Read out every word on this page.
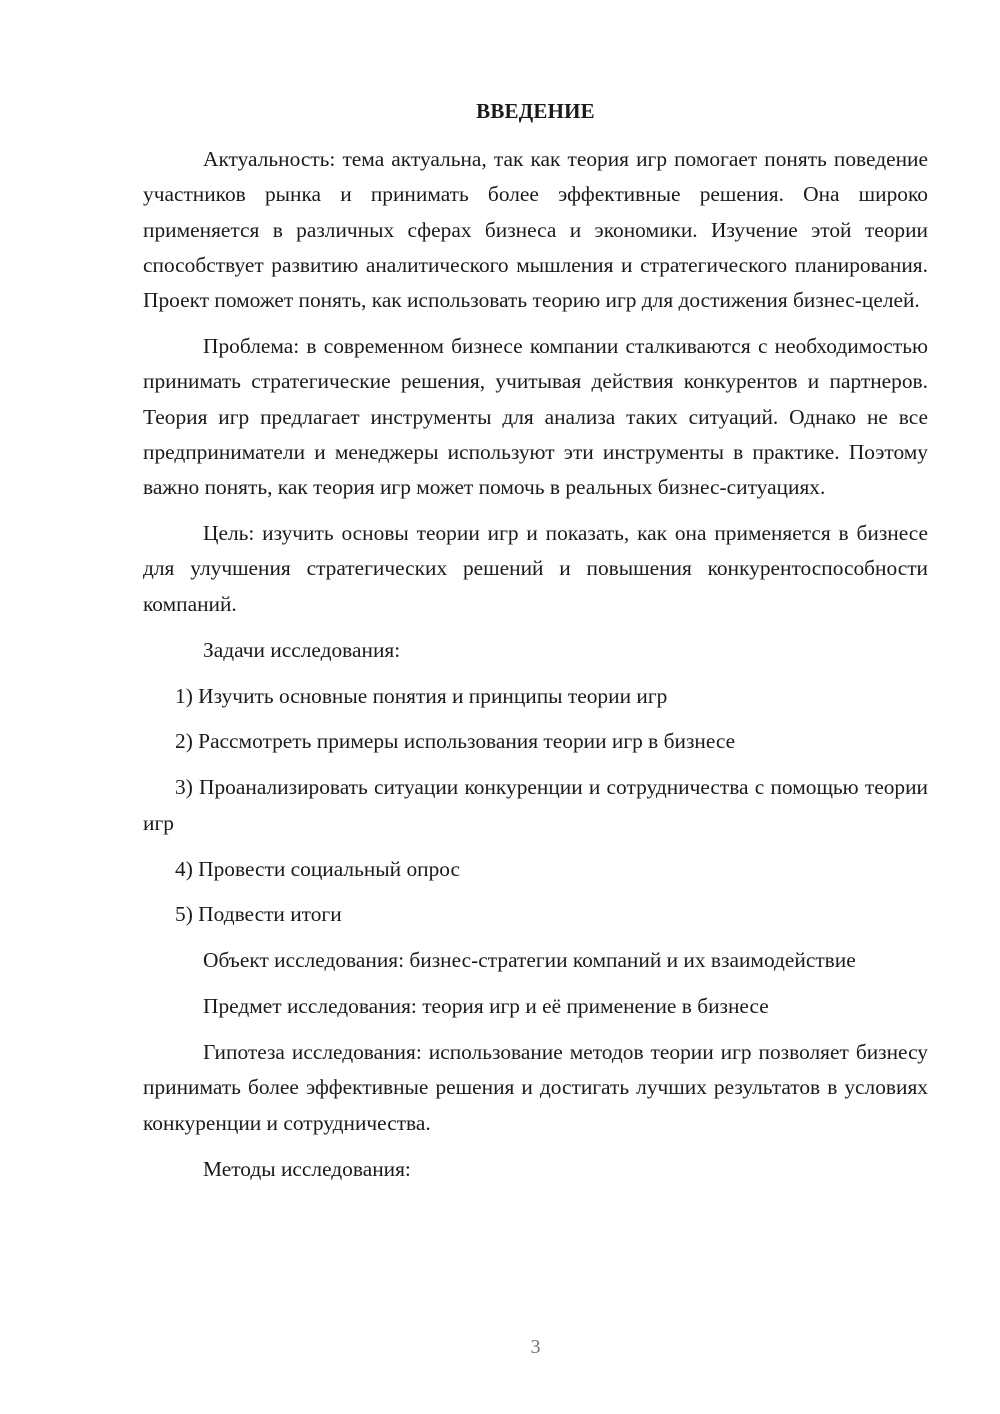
ВВЕДЕНИЕ

Актуальность: тема актуальна, так как теория игр помогает понять поведение участников рынка и принимать более эффективные решения. Она широко применяется в различных сферах бизнеса и экономики. Изучение этой теории способствует развитию аналитического мышления и стратегического планирования. Проект поможет понять, как использовать теорию игр для достижения бизнес-целей.

Проблема: в современном бизнесе компании сталкиваются с необходимостью принимать стратегические решения, учитывая действия конкурентов и партнеров. Теория игр предлагает инструменты для анализа таких ситуаций. Однако не все предприниматели и менеджеры используют эти инструменты в практике. Поэтому важно понять, как теория игр может помочь в реальных бизнес-ситуациях.

Цель: изучить основы теории игр и показать, как она применяется в бизнесе для улучшения стратегических решений и повышения конкурентоспособности компаний.

Задачи исследования:

1) Изучить основные понятия и принципы теории игр

2) Рассмотреть примеры использования теории игр в бизнесе

3) Проанализировать ситуации конкуренции и сотрудничества с помощью теории игр

4) Провести социальный опрос

5) Подвести итоги

Объект исследования: бизнес-стратегии компаний и их взаимодействие

Предмет исследования: теория игр и её применение в бизнесе

Гипотеза исследования: использование методов теории игр позволяет бизнесу принимать более эффективные решения и достигать лучших результатов в условиях конкуренции и сотрудничества.

Методы исследования:

3
